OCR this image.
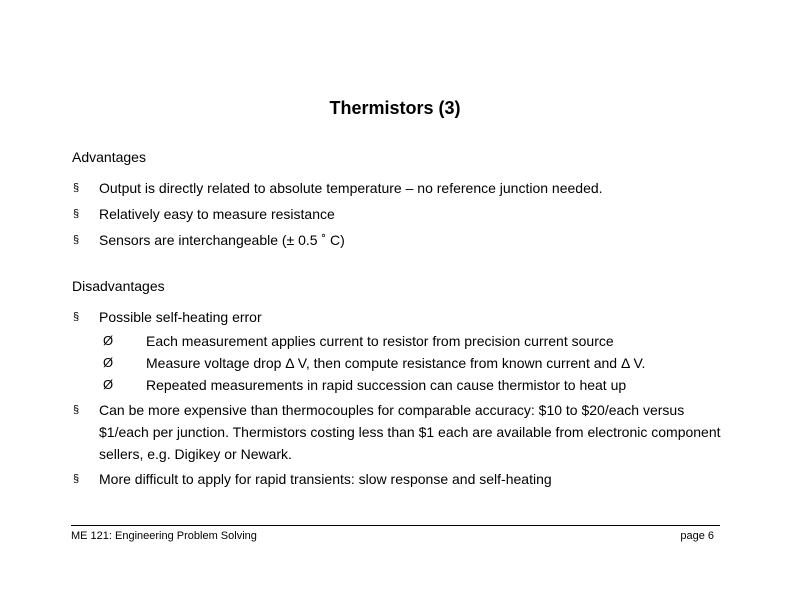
Thermistors (3)
Advantages
§	Output is directly related to absolute temperature – no reference junction needed.
§	Relatively easy to measure resistance
§	Sensors are interchangeable (± 0.5 ˚ C)
Disadvantages
§	Possible self-heating error
Ø Each measurement applies current to resistor from precision current source
Ø Measure voltage drop Δ V, then compute resistance from known current and Δ V.
Ø Repeated measurements in rapid succession can cause thermistor to heat up
§	Can be more expensive than thermocouples for comparable accuracy: $10 to $20/each versus $1/each per junction. Thermistors costing less than $1 each are available from electronic component sellers, e.g. Digikey or Newark.
§	More difficult to apply for rapid transients: slow response and self-heating
ME 121: Engineering Problem Solving	page 6
